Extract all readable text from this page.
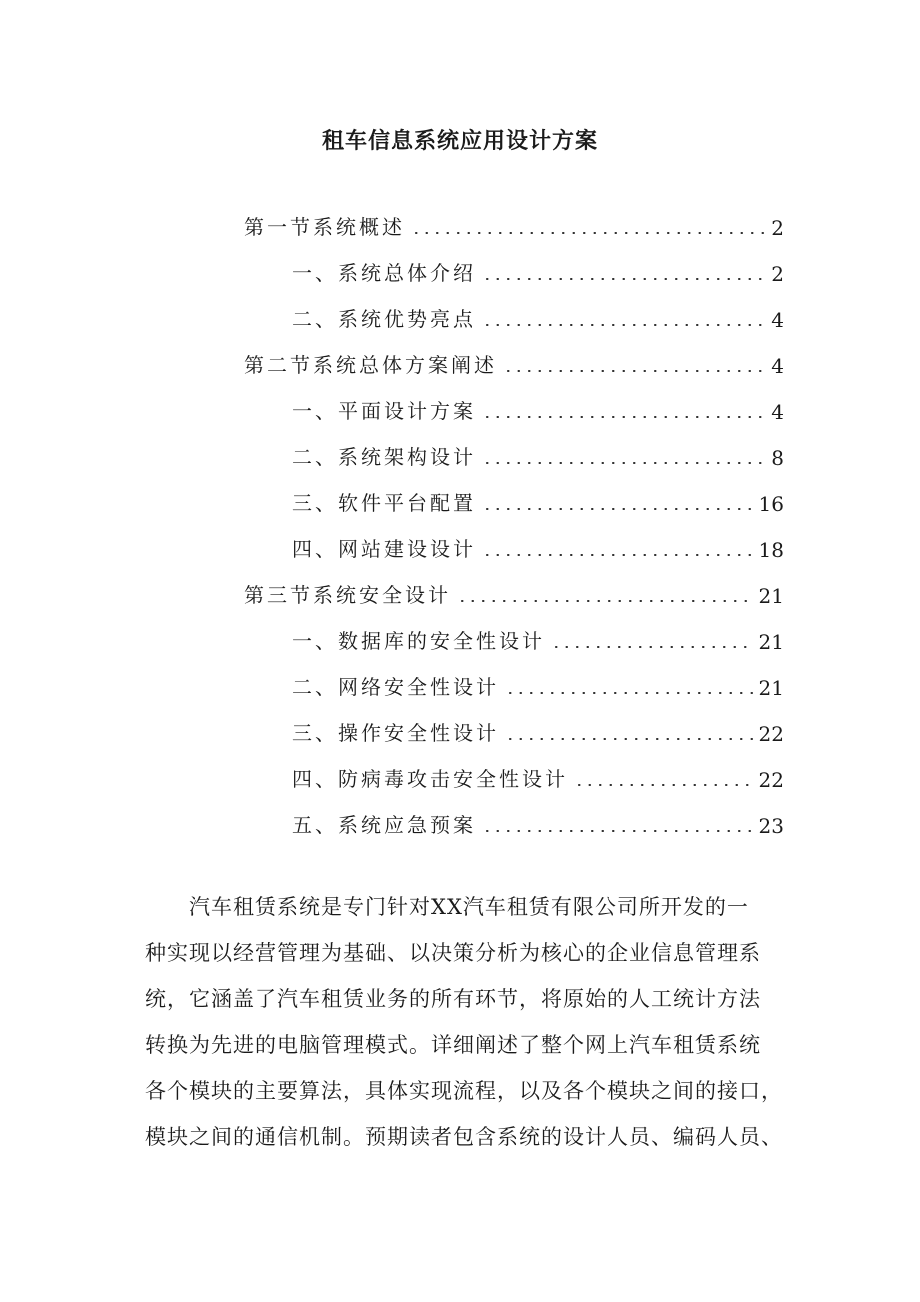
租车信息系统应用设计方案
第一节系统概述	2
一、系统总体介绍	2
二、系统优势亮点	4
第二节系统总体方案阐述	4
一、平面设计方案	4
二、系统架构设计	8
三、软件平台配置	16
四、网站建设设计	18
第三节系统安全设计	21
一、数据库的安全性设计	21
二、网络安全性设计	21
三、操作安全性设计	22
四、防病毒攻击安全性设计	22
五、系统应急预案	23
　　汽车租赁系统是专门针对XX汽车租赁有限公司所开发的一
种实现以经营管理为基础、以决策分析为核心的企业信息管理系
统，它涵盖了汽车租赁业务的所有环节，将原始的人工统计方法
转换为先进的电脑管理模式。详细阐述了整个网上汽车租赁系统
各个模块的主要算法，具体实现流程，以及各个模块之间的接口，
模块之间的通信机制。预期读者包含系统的设计人员、编码人员、
